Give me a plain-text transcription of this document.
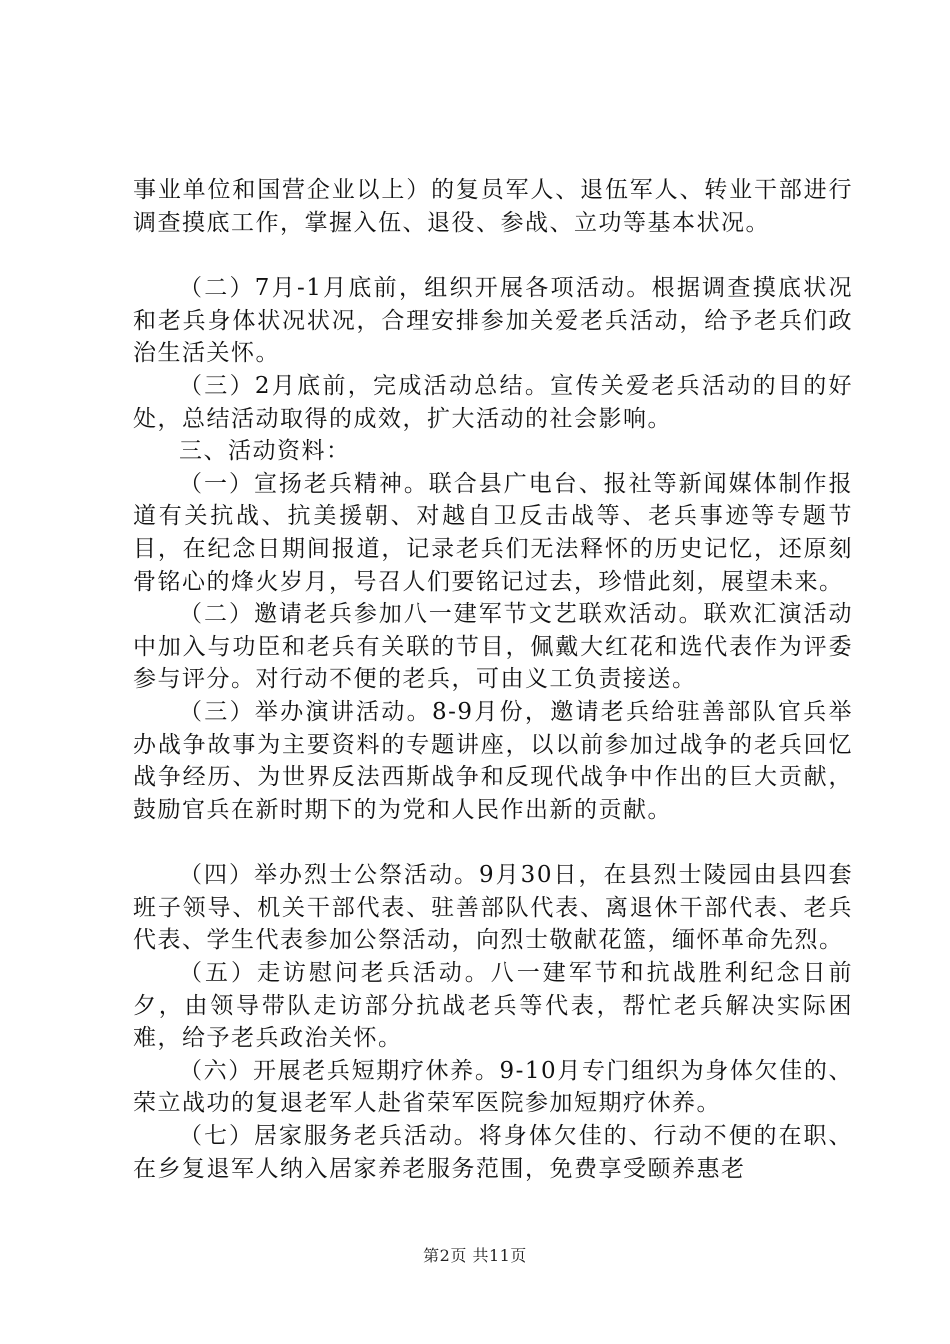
事业单位和国营企业以上）的复员军人、退伍军人、转业干部进行调查摸底工作，掌握入伍、退役、参战、立功等基本状况。

（二）7月-1月底前，组织开展各项活动。根据调查摸底状况和老兵身体状况状况，合理安排参加关爱老兵活动，给予老兵们政治生活关怀。

（三）2月底前，完成活动总结。宣传关爱老兵活动的目的好处，总结活动取得的成效，扩大活动的社会影响。

三、活动资料：

（一）宣扬老兵精神。联合县广电台、报社等新闻媒体制作报道有关抗战、抗美援朝、对越自卫反击战等、老兵事迹等专题节目，在纪念日期间报道，记录老兵们无法释怀的历史记忆，还原刻骨铭心的烽火岁月，号召人们要铭记过去，珍惜此刻，展望未来。

（二）邀请老兵参加八一建军节文艺联欢活动。联欢汇演活动中加入与功臣和老兵有关联的节目，佩戴大红花和选代表作为评委参与评分。对行动不便的老兵，可由义工负责接送。

（三）举办演讲活动。8-9月份，邀请老兵给驻善部队官兵举办战争故事为主要资料的专题讲座，以以前参加过战争的老兵回忆战争经历、为世界反法西斯战争和反现代战争中作出的巨大贡献，鼓励官兵在新时期下的为党和人民作出新的贡献。

（四）举办烈士公祭活动。9月30日，在县烈士陵园由县四套班子领导、机关干部代表、驻善部队代表、离退休干部代表、老兵代表、学生代表参加公祭活动，向烈士敬献花篮，缅怀革命先烈。

（五）走访慰问老兵活动。八一建军节和抗战胜利纪念日前夕，由领导带队走访部分抗战老兵等代表，帮忙老兵解决实际困难，给予老兵政治关怀。

（六）开展老兵短期疗休养。9-10月专门组织为身体欠佳的、荣立战功的复退老军人赴省荣军医院参加短期疗休养。

（七）居家服务老兵活动。将身体欠佳的、行动不便的在职、在乡复退军人纳入居家养老服务范围，免费享受颐养惠老

第2页 共11页
